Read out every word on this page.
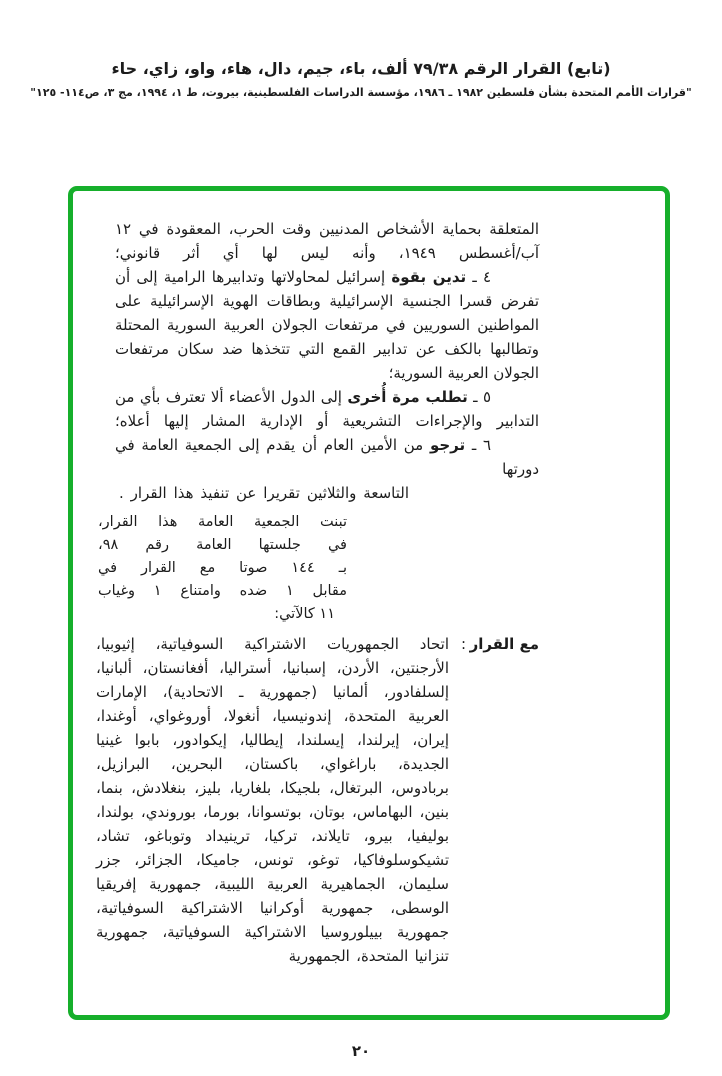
(تابع) القرار الرقم ٧٩/٣٨ ألف، باء، جيم، دال، هاء، واو، زاي، حاء
"قرارات الأمم المتحدة بشأن فلسطين ١٩٨٢ ـ ١٩٨٦، مؤسسة الدراسات الفلسطينية، بيروت، ط ١، ١٩٩٤، مج ٣، ص١١٤- ١٢٥"

المتعلقة بحماية الأشخاص المدنيين وقت الحرب، المعقودة في ١٢ آب/أغسطس ١٩٤٩، وأنه ليس لها أي أثر قانوني؛

٤ ـ تدين بقوة إسرائيل لمحاولاتها وتدابيرها الرامية إلى أن تفرض قسرا الجنسية الإسرائيلية وبطاقات الهوية الإسرائيلية على المواطنين السوريين في مرتفعات الجولان العربية السورية المحتلة وتطالبها بالكف عن تدابير القمع التي تتخذها ضد سكان مرتفعات الجولان العربية السورية؛

٥ ـ تطلب مرة أُخرى إلى الدول الأعضاء ألا تعترف بأي من التدابير والإجراءات التشريعية أو الإدارية المشار إليها أعلاه؛

٦ ـ ترجو من الأمين العام أن يقدم إلى الجمعية العامة في دورتها

التاسعة والثلاثين تقريرا عن تنفيذ هذا القرار .
تبنت الجمعية العامة هذا القرار،
في جلستها العامة رقم ٩٨،
بـ ١٤٤ صوتا مع القرار في
مقابل ١ ضده وامتناع ١ وغياب
١١ كالآتي:
مع القرار
:
اتحاد الجمهوريات الاشتراكية السوفياتية، إثيوبيا، الأرجنتين، الأردن، إسبانيا، أستراليا، أفغانستان، ألبانيا، إلسلفادور، ألمانيا (جمهورية ـ الاتحادية)، الإمارات العربية المتحدة، إندونيسيا، أنغولا، أوروغواي، أوغندا، إيران، إيرلندا، إيسلندا، إيطاليا، إيكوادور، بابوا غينيا الجديدة، باراغواي، باكستان، البحرين، البرازيل، بربادوس، البرتغال، بلجيكا، بلغاريا، بليز، بنغلادش، بنما، بنين، البهاماس، بوتان، بوتسوانا، بورما، بوروندي، بولندا، بوليفيا، بيرو، تايلاند، تركيا، ترينيداد وتوباغو، تشاد، تشيكوسلوفاكيا، توغو، تونس، جاميكا، الجزائر، جزر سليمان، الجماهيرية العربية الليبية، جمهورية إفريقيا الوسطى، جمهورية أوكرانيا الاشتراكية السوفياتية، جمهورية بييلوروسيا الاشتراكية السوفياتية، جمهورية تنزانيا المتحدة، الجمهورية
٢٠
